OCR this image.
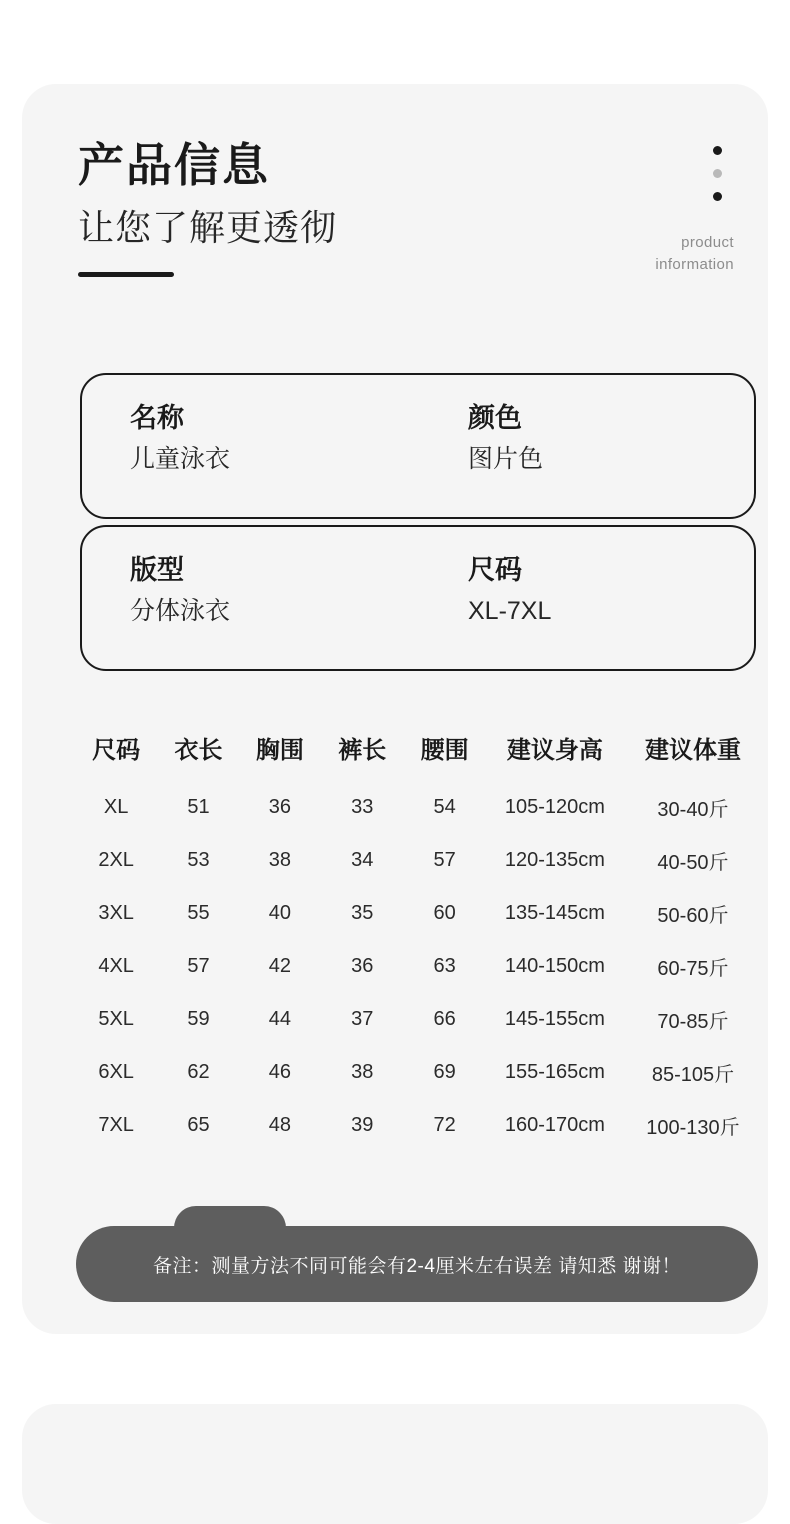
产品信息
让您了解更透彻	product
information

名称

儿童泳衣

颜色

图片色

版型

分体泳衣

尺码

XL-7XL

尺码	衣长	胸围	裤长	腰围	建议身高	建议体重
XL	51	36	33	54	105-120cm	30-40斤
2XL	53	38	34	57	120-135cm	40-50斤
3XL	55	40	35	60	135-145cm	50-60斤
4XL	57	42	36	63	140-150cm	60-75斤
5XL	59	44	37	66	145-155cm	70-85斤
6XL	62	46	38	69	155-165cm	85-105斤
7XL	65	48	39	72	160-170cm	100-130斤
备注：测量方法不同可能会有2-4厘米左右误差 请知悉 谢谢！
